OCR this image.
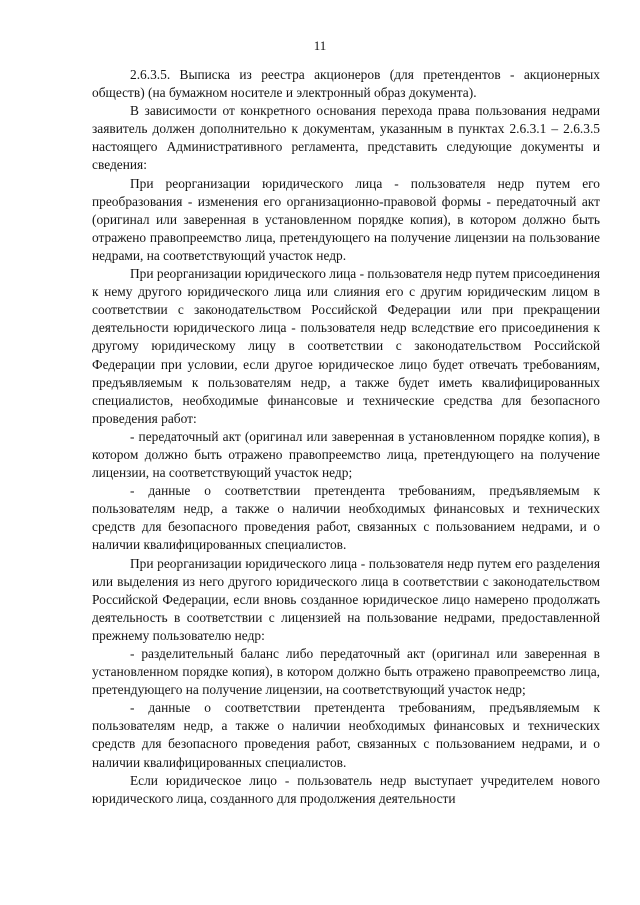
11

2.6.3.5. Выписка из реестра акционеров (для претендентов - акционерных обществ) (на бумажном носителе и электронный образ документа).

В зависимости от конкретного основания перехода права пользования недрами заявитель должен дополнительно к документам, указанным в пунктах 2.6.3.1 – 2.6.3.5 настоящего Административного регламента, представить следующие документы и сведения:

При реорганизации юридического лица - пользователя недр путем его преобразования - изменения его организационно-правовой формы - передаточный акт (оригинал или заверенная в установленном порядке копия), в котором должно быть отражено правопреемство лица, претендующего на получение лицензии на пользование недрами, на соответствующий участок недр.

При реорганизации юридического лица - пользователя недр путем присоединения к нему другого юридического лица или слияния его с другим юридическим лицом в соответствии с законодательством Российской Федерации или при прекращении деятельности юридического лица - пользователя недр вследствие его присоединения к другому юридическому лицу в соответствии с законодательством Российской Федерации при условии, если другое юридическое лицо будет отвечать требованиям, предъявляемым к пользователям недр, а также будет иметь квалифицированных специалистов, необходимые финансовые и технические средства для безопасного проведения работ:

- передаточный акт (оригинал или заверенная в установленном порядке копия), в котором должно быть отражено правопреемство лица, претендующего на получение лицензии, на соответствующий участок недр;

- данные о соответствии претендента требованиям, предъявляемым к пользователям недр, а также о наличии необходимых финансовых и технических средств для безопасного проведения работ, связанных с пользованием недрами, и о наличии квалифицированных специалистов.

При реорганизации юридического лица - пользователя недр путем его разделения или выделения из него другого юридического лица в соответствии с законодательством Российской Федерации, если вновь созданное юридическое лицо намерено продолжать деятельность в соответствии с лицензией на пользование недрами, предоставленной прежнему пользователю недр:

- разделительный баланс либо передаточный акт (оригинал или заверенная в установленном порядке копия), в котором должно быть отражено правопреемство лица, претендующего на получение лицензии, на соответствующий участок недр;

- данные о соответствии претендента требованиям, предъявляемым к пользователям недр, а также о наличии необходимых финансовых и технических средств для безопасного проведения работ, связанных с пользованием недрами, и о наличии квалифицированных специалистов.

Если юридическое лицо - пользователь недр выступает учредителем нового юридического лица, созданного для продолжения деятельности
